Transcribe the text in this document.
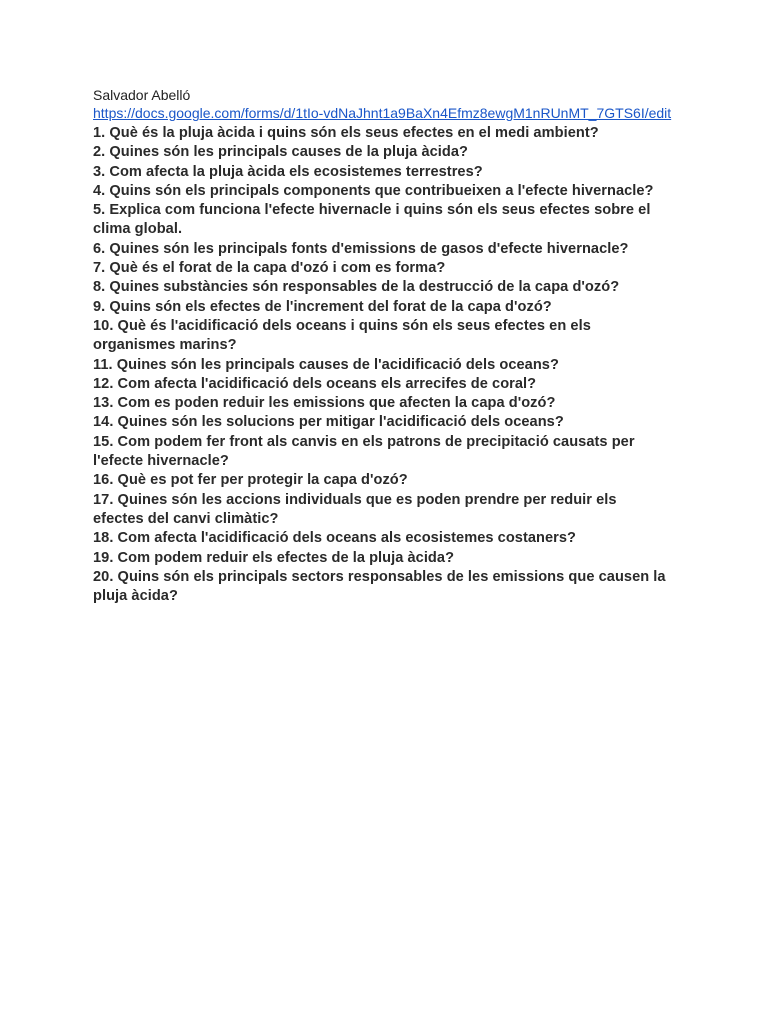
Salvador Abelló

https://docs.google.com/forms/d/1tIo-vdNaJhnt1a9BaXn4Efmz8ewgM1nRUnMT_7GTS6I/edit
1. Què és la pluja àcida i quins són els seus efectes en el medi ambient?
2. Quines són les principals causes de la pluja àcida?
3. Com afecta la pluja àcida els ecosistemes terrestres?
4. Quins són els principals components que contribueixen a l'efecte hivernacle?
5. Explica com funciona l'efecte hivernacle i quins són els seus efectes sobre el clima global.
6. Quines són les principals fonts d'emissions de gasos d'efecte hivernacle?
7. Què és el forat de la capa d'ozó i com es forma?
8. Quines substàncies són responsables de la destrucció de la capa d'ozó?
9. Quins són els efectes de l'increment del forat de la capa d'ozó?
10. Què és l'acidificació dels oceans i quins són els seus efectes en els organismes marins?
11. Quines són les principals causes de l'acidificació dels oceans?
12. Com afecta l'acidificació dels oceans els arrecifes de coral?
13. Com es poden reduir les emissions que afecten la capa d'ozó?
14. Quines són les solucions per mitigar l'acidificació dels oceans?
15. Com podem fer front als canvis en els patrons de precipitació causats per l'efecte hivernacle?
16. Què es pot fer per protegir la capa d'ozó?
17. Quines són les accions individuals que es poden prendre per reduir els efectes del canvi climàtic?
18. Com afecta l'acidificació dels oceans als ecosistemes costaners?
19. Com podem reduir els efectes de la pluja àcida?
20. Quins són els principals sectors responsables de les emissions que causen la pluja àcida?
